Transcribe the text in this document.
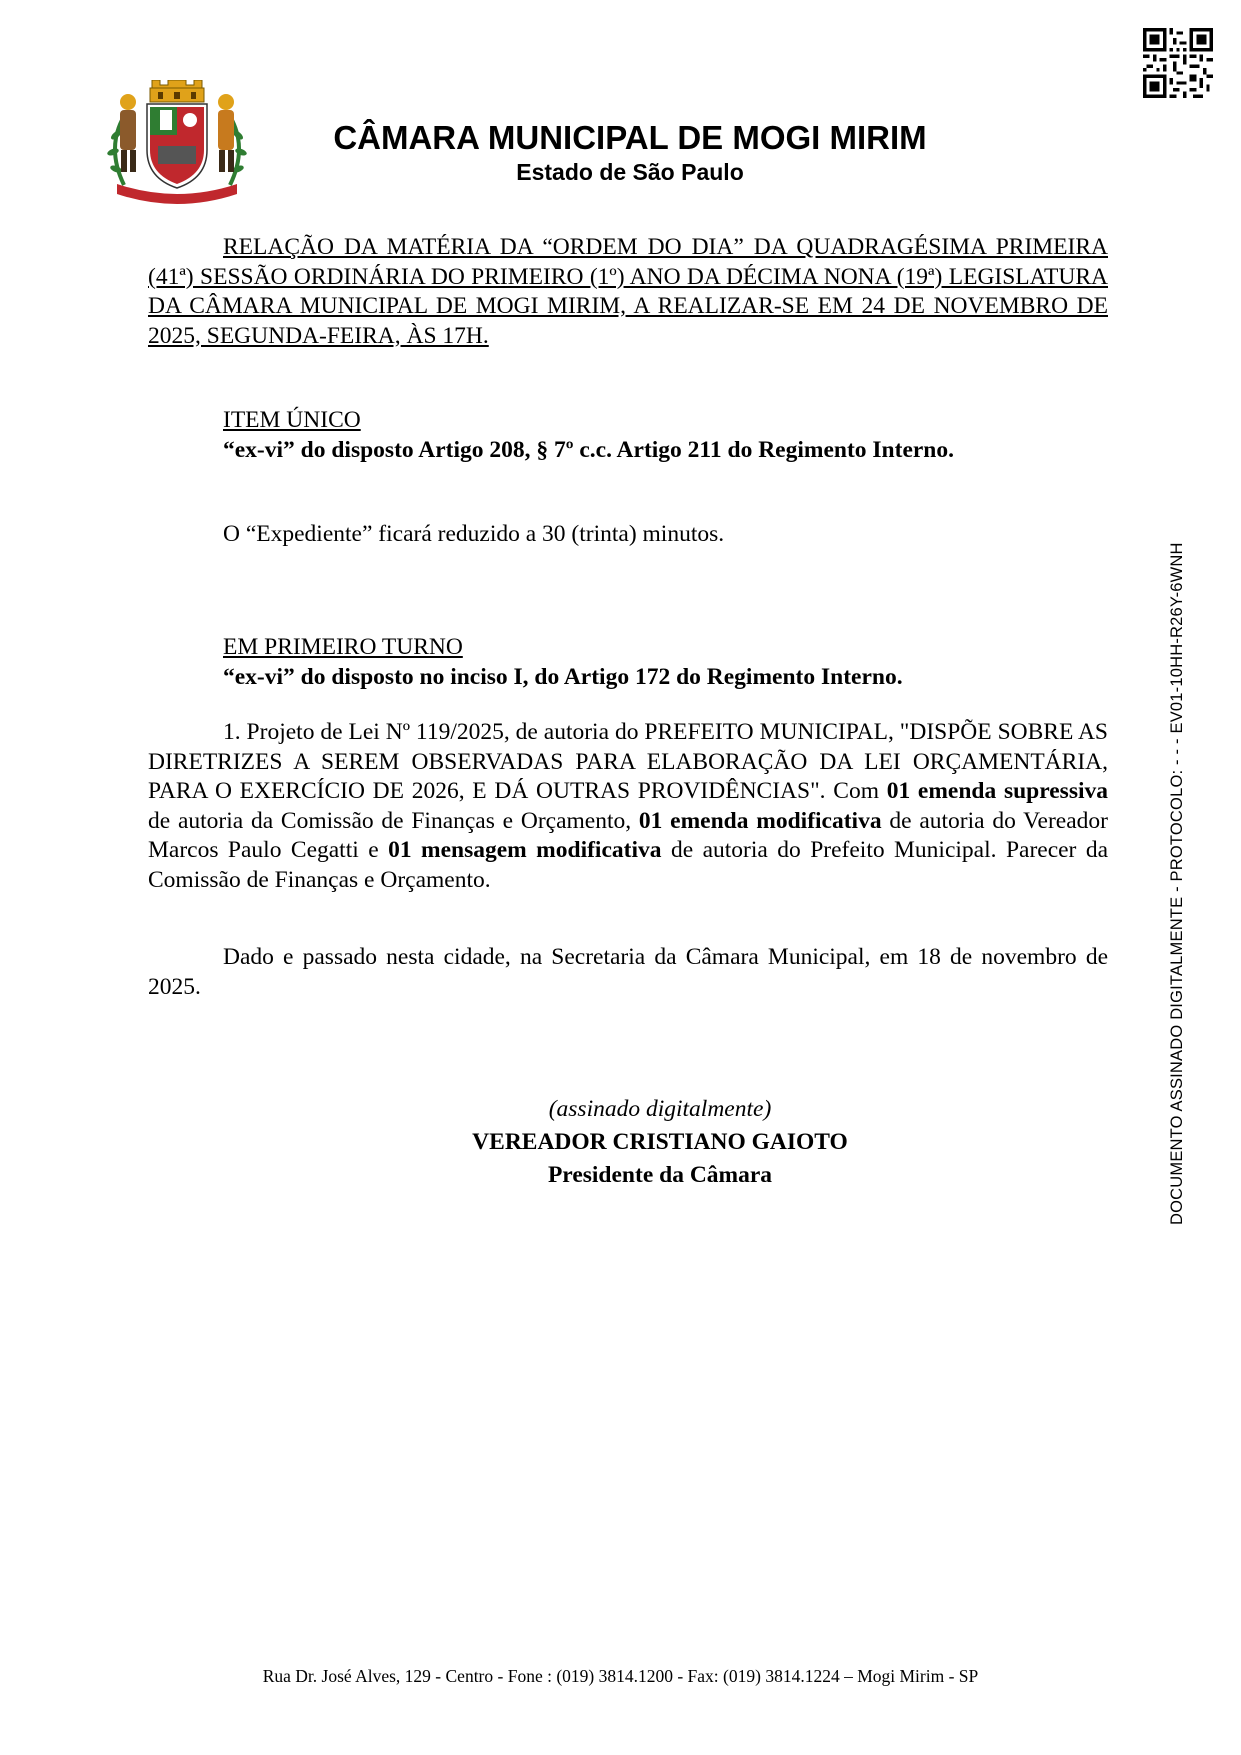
CÂMARA MUNICIPAL DE MOGI MIRIM
Estado de São Paulo
RELAÇÃO DA MATÉRIA DA “ORDEM DO DIA” DA QUADRAGÉSIMA PRIMEIRA (41ª) SESSÃO ORDINÁRIA DO PRIMEIRO (1º) ANO DA DÉCIMA NONA (19ª) LEGISLATURA DA CÂMARA MUNICIPAL DE MOGI MIRIM, A REALIZAR-SE EM 24 DE NOVEMBRO DE 2025, SEGUNDA-FEIRA, ÀS 17H.
ITEM ÚNICO
“ex-vi” do disposto Artigo 208, § 7º c.c. Artigo 211 do Regimento Interno.
O “Expediente” ficará reduzido a 30 (trinta) minutos.
EM PRIMEIRO TURNO
“ex-vi” do disposto no inciso I, do Artigo 172 do Regimento Interno.
1. Projeto de Lei Nº 119/2025, de autoria do PREFEITO MUNICIPAL, "DISPÕE SOBRE AS DIRETRIZES A SEREM OBSERVADAS PARA ELABORAÇÃO DA LEI ORÇAMENTÁRIA, PARA O EXERCÍCIO DE 2026, E DÁ OUTRAS PROVIDÊNCIAS". Com 01 emenda supressiva de autoria da Comissão de Finanças e Orçamento, 01 emenda modificativa de autoria do Vereador Marcos Paulo Cegatti e 01 mensagem modificativa de autoria do Prefeito Municipal. Parecer da Comissão de Finanças e Orçamento.
Dado e passado nesta cidade, na Secretaria da Câmara Municipal, em 18 de novembro de 2025.
(assinado digitalmente)
VEREADOR CRISTIANO GAIOTO
Presidente da Câmara	DOCUMENTO ASSINADO DIGITALMENTE - PROTOCOLO: - - - EV01-10HH-R26Y-6WNH
Rua Dr. José Alves, 129 - Centro - Fone : (019) 3814.1200 - Fax: (019) 3814.1224 – Mogi Mirim - SP
